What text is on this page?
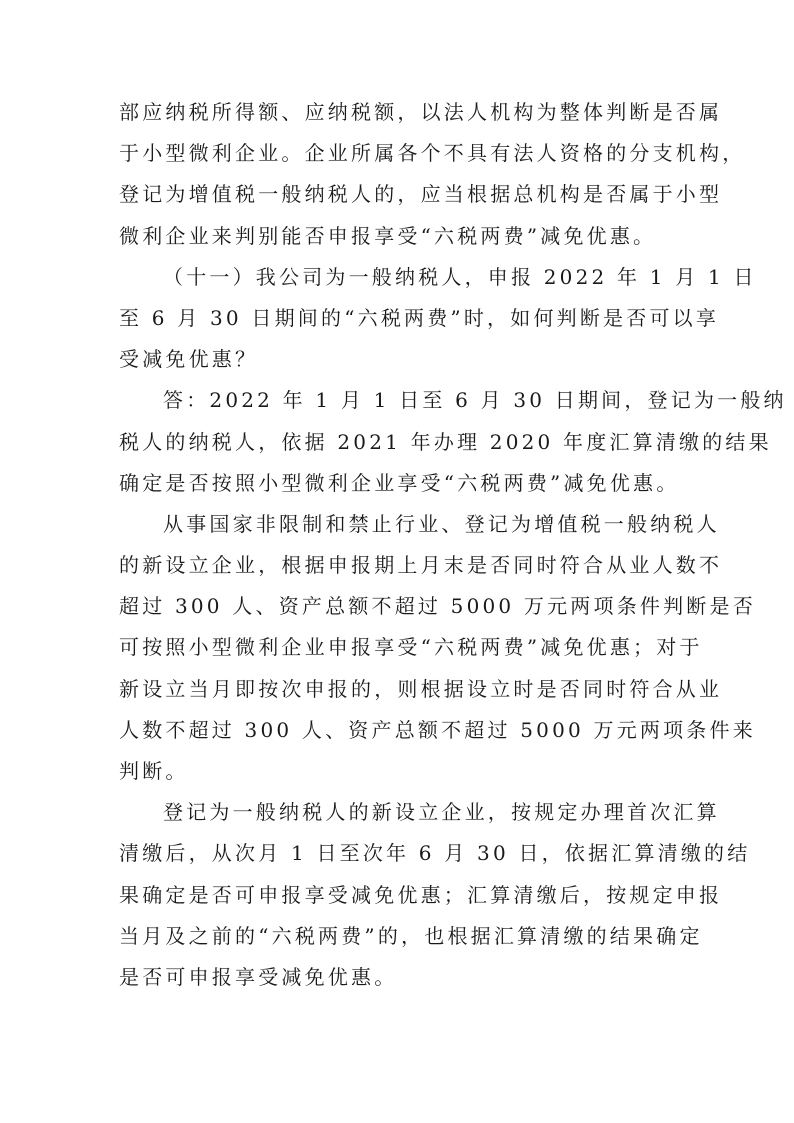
部应纳税所得额、应纳税额，以法人机构为整体判断是否属
于小型微利企业。企业所属各个不具有法人资格的分支机构，
登记为增值税一般纳税人的，应当根据总机构是否属于小型
微利企业来判别能否申报享受“六税两费”减免优惠。
（十一）我公司为一般纳税人，申报 2022 年 1 月 1 日
至 6 月 30 日期间的“六税两费”时，如何判断是否可以享
受减免优惠？
答：2022 年 1 月 1 日至 6 月 30 日期间，登记为一般纳
税人的纳税人，依据 2021 年办理 2020 年度汇算清缴的结果
确定是否按照小型微利企业享受“六税两费”减免优惠。
从事国家非限制和禁止行业、登记为增值税一般纳税人
的新设立企业，根据申报期上月末是否同时符合从业人数不
超过 300 人、资产总额不超过 5000 万元两项条件判断是否
可按照小型微利企业申报享受“六税两费”减免优惠；对于
新设立当月即按次申报的，则根据设立时是否同时符合从业
人数不超过 300 人、资产总额不超过 5000 万元两项条件来
判断。
登记为一般纳税人的新设立企业，按规定办理首次汇算
清缴后，从次月 1 日至次年 6 月 30 日，依据汇算清缴的结
果确定是否可申报享受减免优惠；汇算清缴后，按规定申报
当月及之前的“六税两费”的，也根据汇算清缴的结果确定
是否可申报享受减免优惠。
